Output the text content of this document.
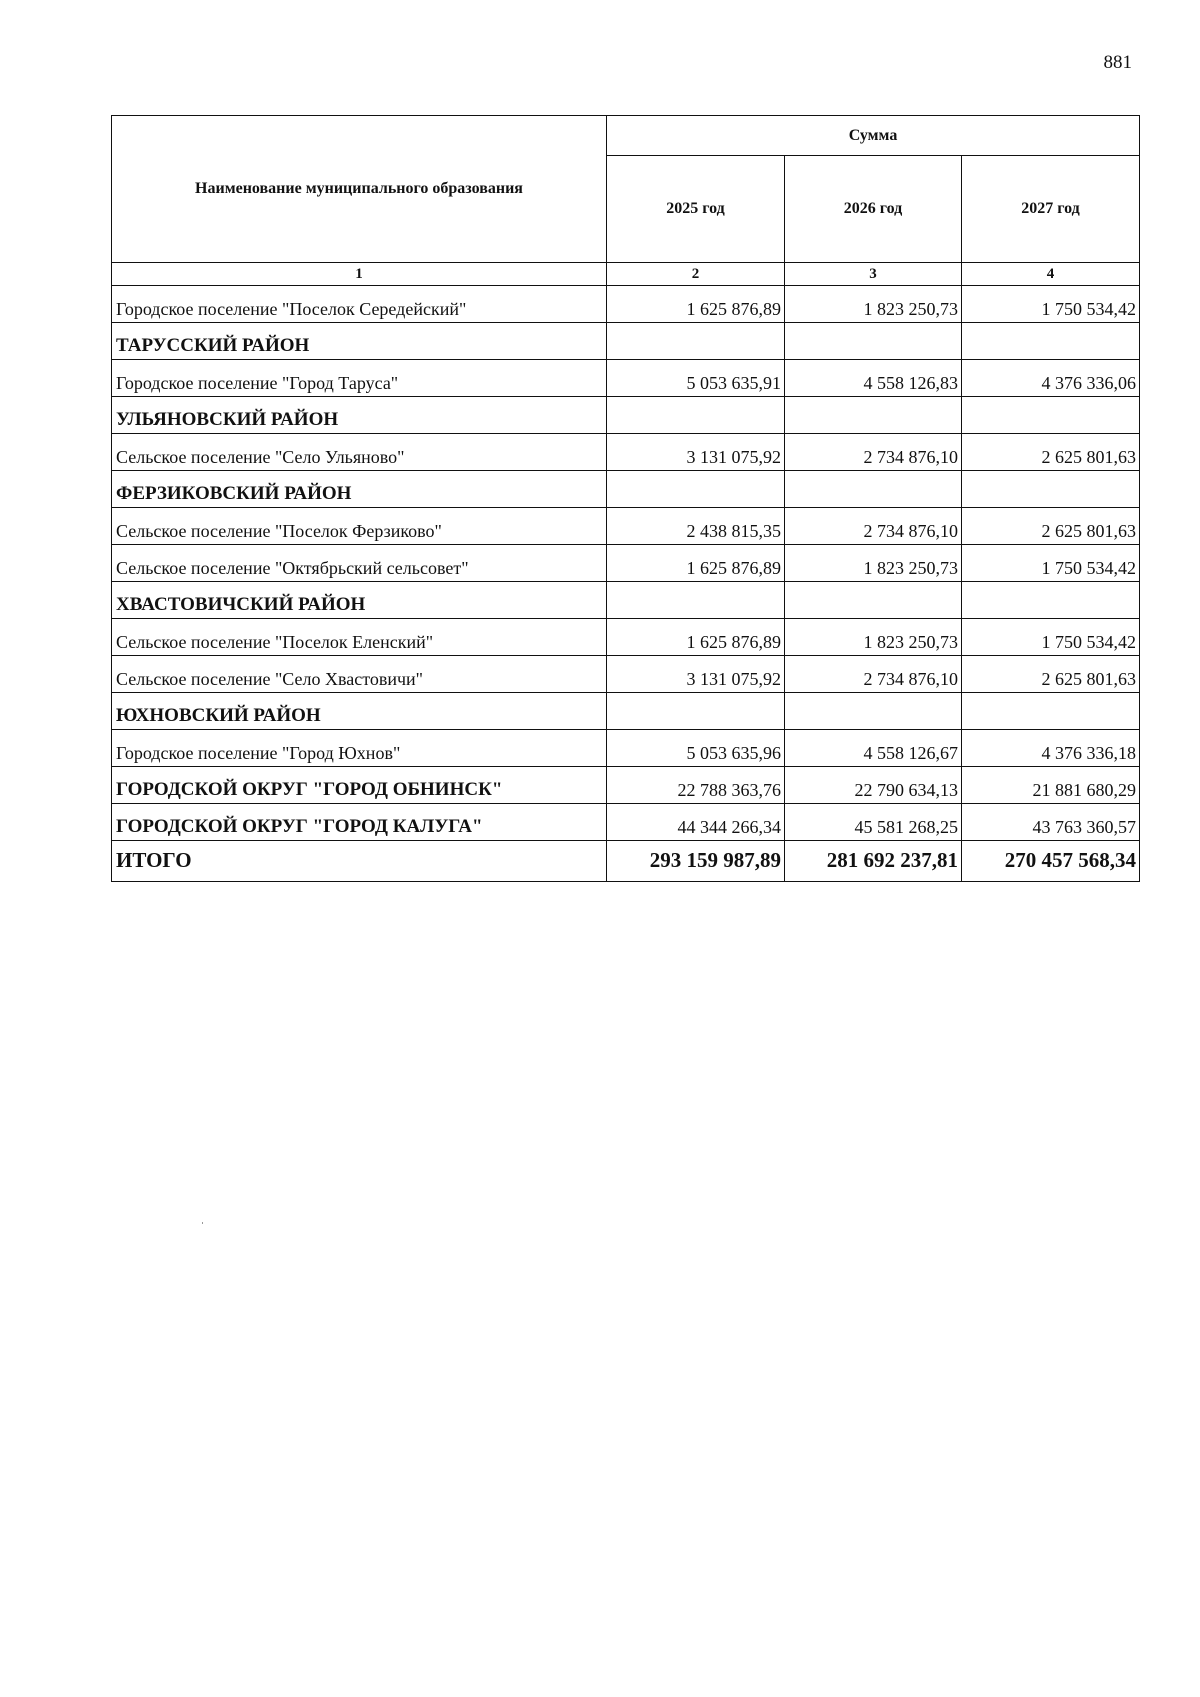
881
Наименование муниципального образования	Сумма		
	2025 год	2026 год	2027 год
1	2	3	4
Городское поселение "Поселок Середейский"	1 625 876,89	1 823 250,73	1 750 534,42
ТАРУССКИЙ РАЙОН			
Городское поселение "Город Таруса"	5 053 635,91	4 558 126,83	4 376 336,06
УЛЬЯНОВСКИЙ РАЙОН			
Сельское поселение "Село Ульяново"	3 131 075,92	2 734 876,10	2 625 801,63
ФЕРЗИКОВСКИЙ РАЙОН			
Сельское поселение "Поселок Ферзиково"	2 438 815,35	2 734 876,10	2 625 801,63
Сельское поселение "Октябрьский сельсовет"	1 625 876,89	1 823 250,73	1 750 534,42
ХВАСТОВИЧСКИЙ РАЙОН			
Сельское поселение "Поселок Еленский"	1 625 876,89	1 823 250,73	1 750 534,42
Сельское поселение "Село Хвастовичи"	3 131 075,92	2 734 876,10	2 625 801,63
ЮХНОВСКИЙ РАЙОН			
Городское поселение "Город Юхнов"	5 053 635,96	4 558 126,67	4 376 336,18
ГОРОДСКОЙ ОКРУГ "ГОРОД ОБНИНСК"	22 788 363,76	22 790 634,13	21 881 680,29
ГОРОДСКОЙ ОКРУГ "ГОРОД КАЛУГА"	44 344 266,34	45 581 268,25	43 763 360,57
ИТОГО	293 159 987,89	281 692 237,81	270 457 568,34
